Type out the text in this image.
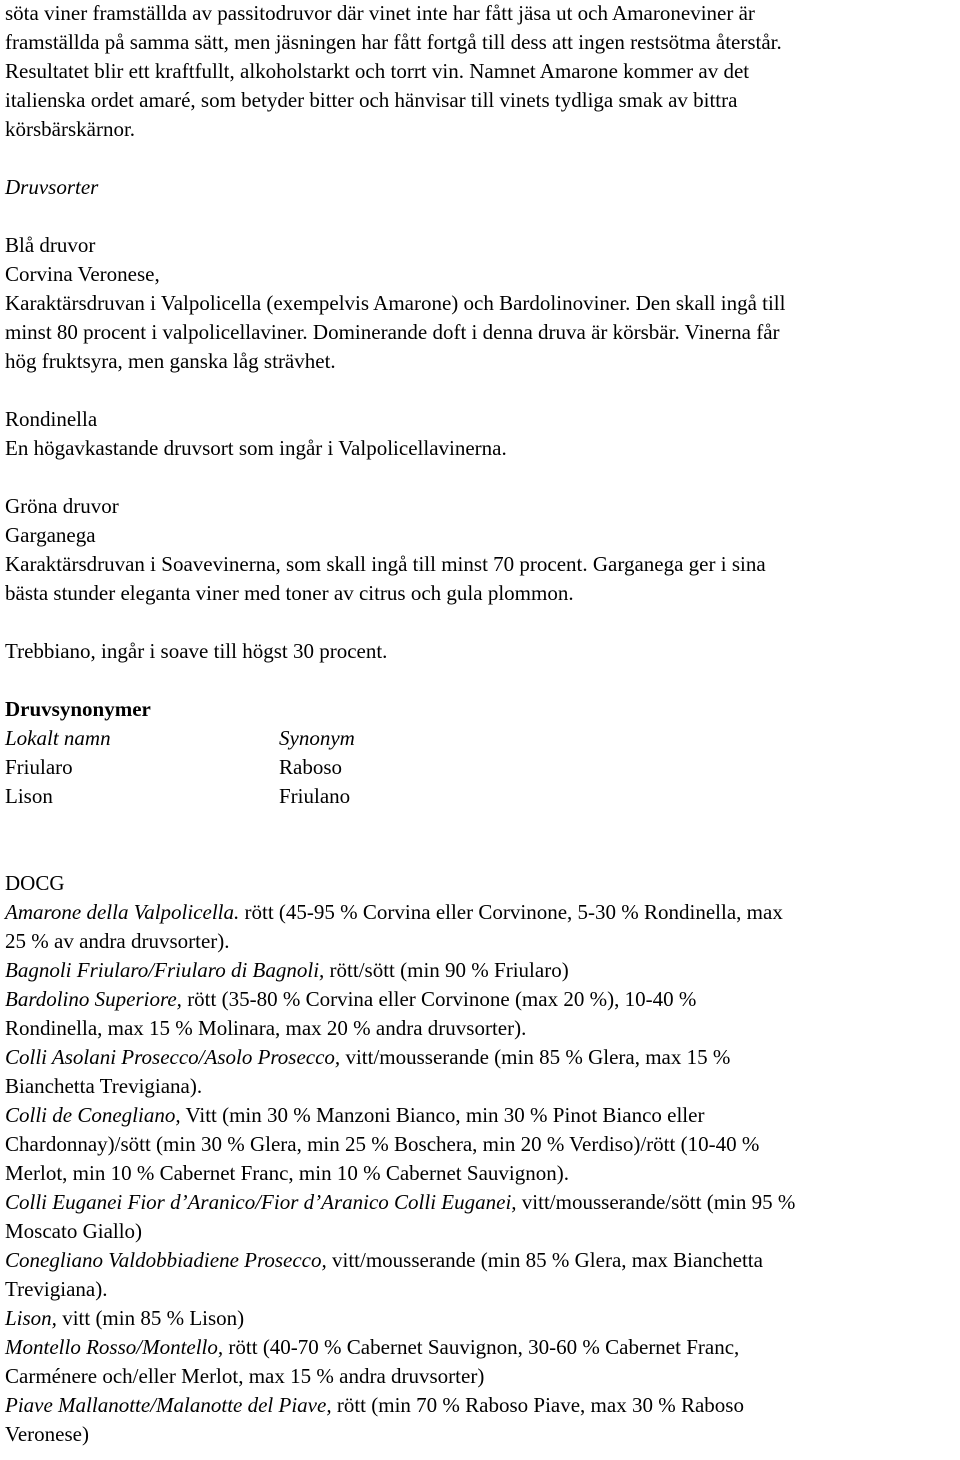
söta viner framställda av passitodruvor där vinet inte har fått jäsa ut och Amaroneviner är

framställda på samma sätt, men jäsningen har fått fortgå till dess att ingen restsötma återstår.

Resultatet blir ett kraftfullt, alkoholstarkt och torrt vin. Namnet Amarone kommer av det

italienska ordet amaré, som betyder bitter och hänvisar till vinets tydliga smak av bittra

körsbärskärnor.

Druvsorter

Blå druvor

Corvina Veronese,

Karaktärsdruvan i Valpolicella (exempelvis Amarone) och Bardolinoviner. Den skall ingå till

minst 80 procent i valpolicellaviner. Dominerande doft i denna druva är körsbär. Vinerna får

hög fruktsyra, men ganska låg strävhet.

Rondinella

En högavkastande druvsort som ingår i Valpolicellavinerna.

Gröna druvor

Garganega

Karaktärsdruvan i Soavevinerna, som skall ingå till minst 70 procent. Garganega ger i sina

bästa stunder eleganta viner med toner av citrus och gula plommon.

Trebbiano, ingår i soave till högst 30 procent.

Druvsynonymer

Lokalt namn	Synonym
Friularo	Raboso
Lison	Friulano

DOCG

Amarone della Valpolicella. rött (45-95 % Corvina eller Corvinone, 5-30 % Rondinella, max

25 % av andra druvsorter).

Bagnoli Friularo/Friularo di Bagnoli, rött/sött (min 90 % Friularo)

Bardolino Superiore, rött (35-80 % Corvina eller Corvinone (max 20 %), 10-40 %

Rondinella, max 15 % Molinara, max 20 % andra druvsorter).

Colli Asolani Prosecco/Asolo Prosecco, vitt/mousserande (min 85 % Glera, max 15 %

Bianchetta Trevigiana).

Colli de Conegliano, Vitt (min 30 % Manzoni Bianco, min 30 % Pinot Bianco eller

Chardonnay)/sött (min 30 % Glera, min 25 % Boschera, min 20 % Verdiso)/rött (10-40 %

Merlot, min 10 % Cabernet Franc, min 10 % Cabernet Sauvignon).

Colli Euganei Fior d’Aranico/Fior d’Aranico Colli Euganei, vitt/mousserande/sött (min 95 %

Moscato Giallo)

Conegliano Valdobbiadiene Prosecco, vitt/mousserande (min 85 % Glera, max Bianchetta

Trevigiana).

Lison, vitt (min 85 % Lison)

Montello Rosso/Montello, rött (40-70 % Cabernet Sauvignon, 30-60 % Cabernet Franc,

Carménere och/eller Merlot, max 15 % andra druvsorter)

Piave Mallanotte/Malanotte del Piave, rött (min 70 % Raboso Piave, max 30 % Raboso

Veronese)
